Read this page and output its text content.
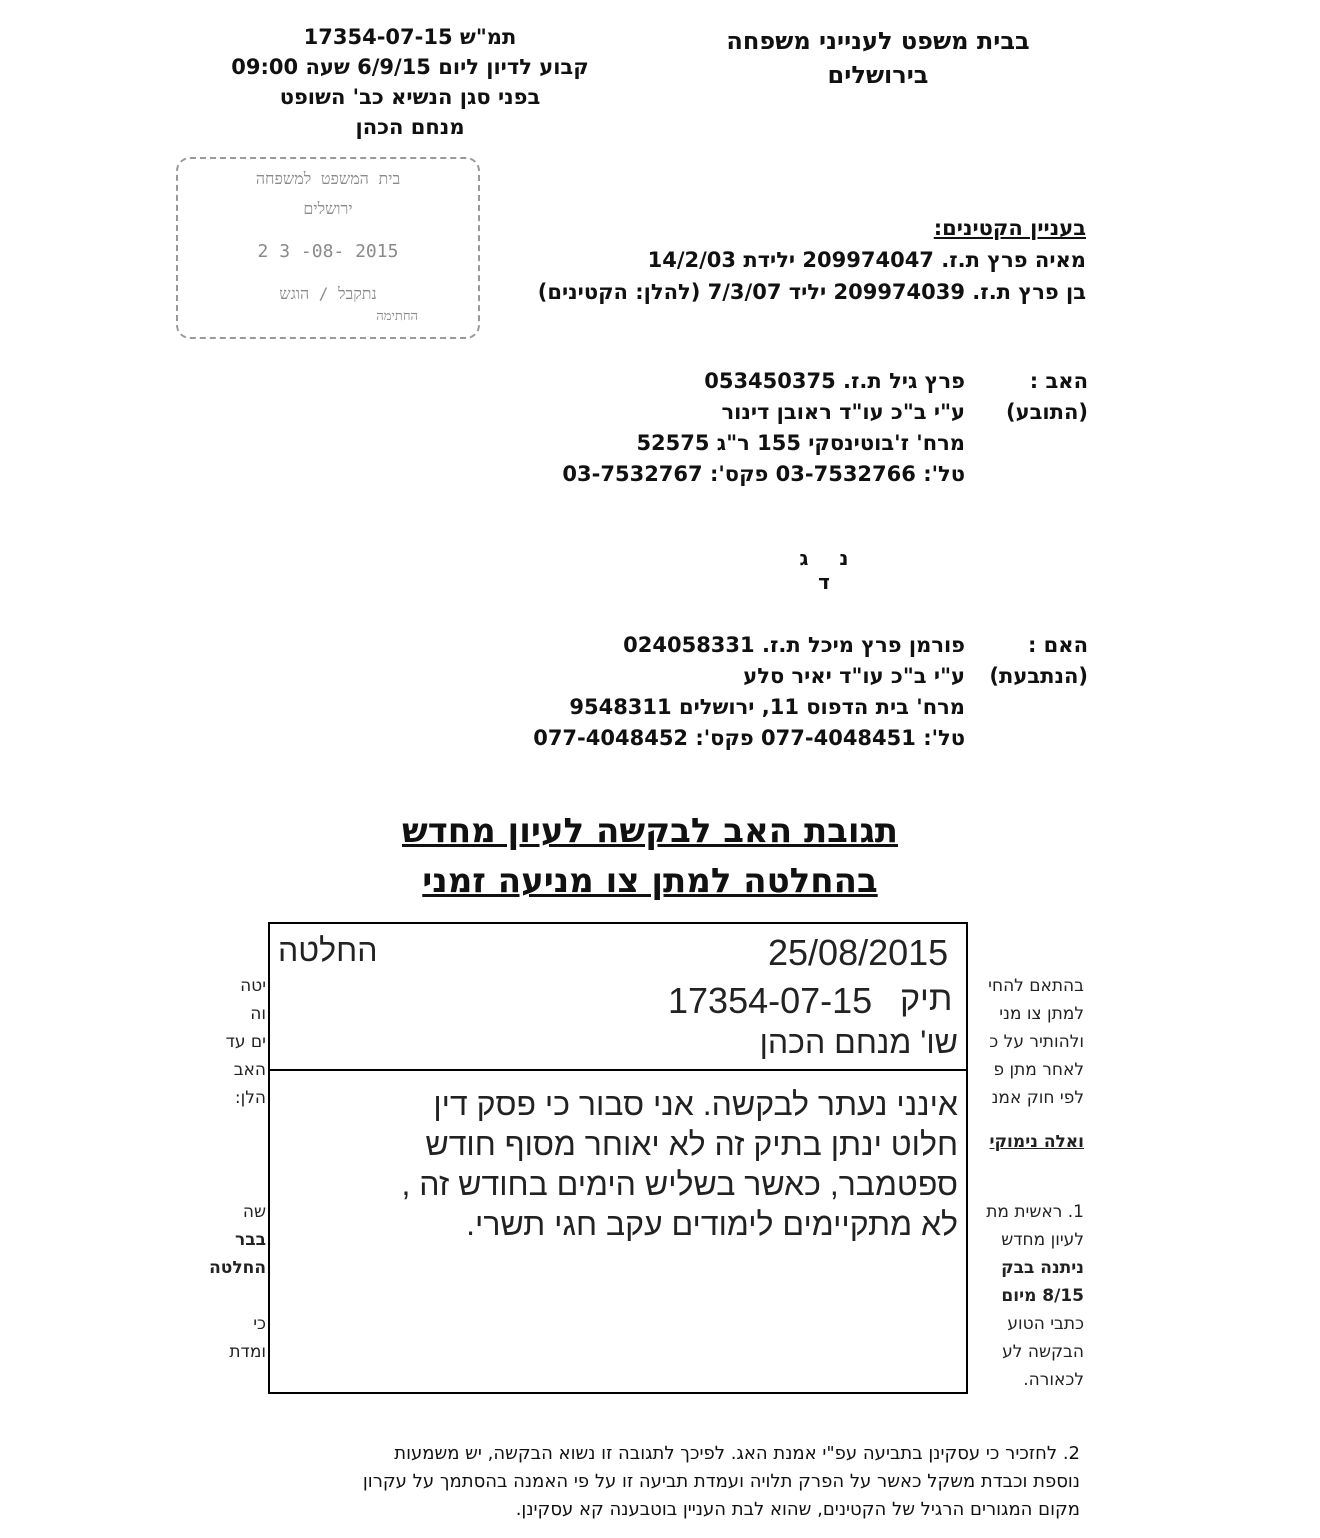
בבית משפט לענייני משפחה
בירושלים
תמ"ש 17354-07-15
קבוע לדיון ליום 6/9/15 שעה 09:00
בפני סגן הנשיא כב' השופט
מנחם הכהן
בית המשפט למשפחה
ירושלים
2 3 -08- 2015
נתקבל / הוגש
החתימה
בעניין הקטינים:
מאיה פרץ ת.ז. 209974047 ילידת 14/2/03
בן פרץ ת.ז. 209974039 יליד 7/3/07 (להלן: הקטינים)
האב :
(התובע)
פרץ גיל ת.ז. 053450375
ע"י ב"כ עו"ד ראובן דינור
מרח' ז'בוטינסקי 155 ר"ג 52575
טל': 03-7532766 פקס': 03-7532767
נ ג ד
האם :
(הנתבעת)
פורמן פרץ מיכל ת.ז. 024058331
ע"י ב"כ עו"ד יאיר סלע
מרח' בית הדפוס 11, ירושלים 9548311
טל': 077-4048451 פקס': 077-4048452
תגובת האב לבקשה לעיון מחדש
בהחלטה למתן צו מניעה זמני
בהתאם להחי
למתן צו מני
ולהותיר על כ
לאחר מתן פ
לפי חוק אמנ
ואלה נימוקי
1. ראשית מת
לעיון מחדש
ניתנה בבק
8/15 מיום
כתבי הטוע
הבקשה לע
לכאורה.
יטה
וה
ים עד
האב
הלן:
שה
בבר
החלטה
כי
ומדת
25/08/2015
החלטה
תיק
17354-07-15
שו' מנחם הכהן
אינני נעתר לבקשה. אני סבור כי פסק דין
חלוט ינתן בתיק זה לא יאוחר מסוף חודש
ספטמבר, כאשר בשליש הימים בחודש זה ,
לא מתקיימים לימודים עקב חגי תשרי.
2. לחזכיר כי עסקינן בתביעה עפ"י אמנת האג. לפיכך לתגובה זו נשוא הבקשה, יש משמעות
נוספת וכבדת משקל כאשר על הפרק תלויה ועמדת תביעה זו על פי האמנה בהסתמך על עקרון
מקום המגורים הרגיל של הקטינים, שהוא לבת העניין בוטבענה קא עסקינן.
